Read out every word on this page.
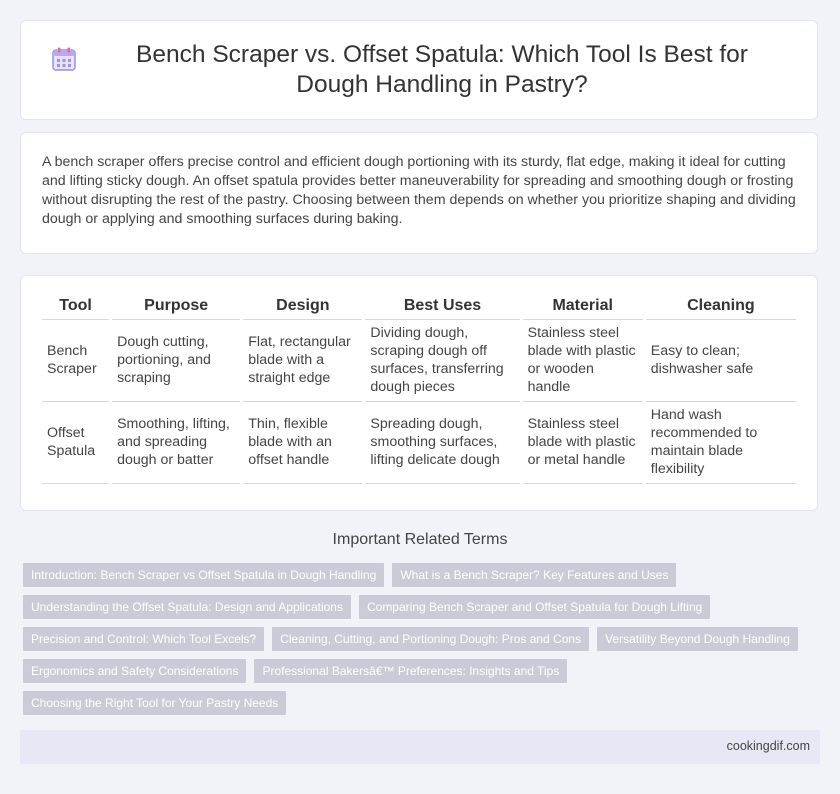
Bench Scraper vs. Offset Spatula: Which Tool Is Best for Dough Handling in Pastry?

A bench scraper offers precise control and efficient dough portioning with its sturdy, flat edge, making it ideal for cutting and lifting sticky dough. An offset spatula provides better maneuverability for spreading and smoothing dough or frosting without disrupting the rest of the pastry. Choosing between them depends on whether you prioritize shaping and dividing dough or applying and smoothing surfaces during baking.

Tool	Purpose	Design	Best Uses	Material	Cleaning
Bench Scraper	Dough cutting, portioning, and scraping	Flat, rectangular blade with a straight edge	Dividing dough, scraping dough off surfaces, transferring dough pieces	Stainless steel blade with plastic or wooden handle	Easy to clean; dishwasher safe
Offset Spatula	Smoothing, lifting, and spreading dough or batter	Thin, flexible blade with an offset handle	Spreading dough, smoothing surfaces, lifting delicate dough	Stainless steel blade with plastic or metal handle	Hand wash recommended to maintain blade flexibility
Important Related Terms
Introduction: Bench Scraper vs Offset Spatula in Dough Handling	What is a Bench Scraper? Key Features and Uses
Understanding the Offset Spatula: Design and Applications	Comparing Bench Scraper and Offset Spatula for Dough Lifting
Precision and Control: Which Tool Excels?	Cleaning, Cutting, and Portioning Dough: Pros and Cons	Versatility Beyond Dough Handling
Ergonomics and Safety Considerations	Professional Bakersâ€™ Preferences: Insights and Tips
Choosing the Right Tool for Your Pastry Needs
cookingdif.com
